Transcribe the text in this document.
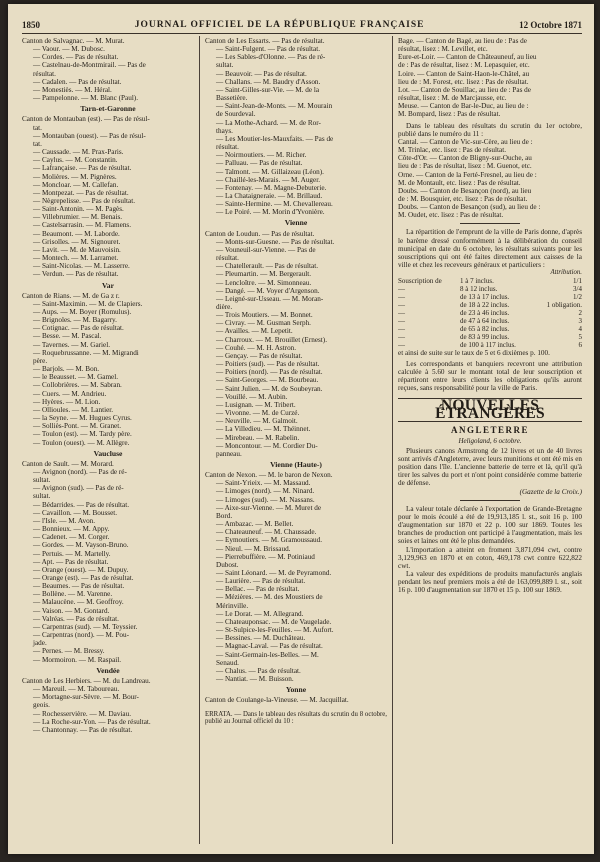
1850	JOURNAL OFFICIEL DE LA RÉPUBLIQUE FRANÇAISE	12 Octobre 1871
Canton de Salvagnac. — M. Murat.
— Vaour. — M. Dubosc.
— Cordes. — Pas de résultat.
— Castelnau-de-Montmirail. — Pas de
résultat.
— Cadalen. — Pas de résultat.
— Monestiès. — M. Héral.
— Pampelonne. — M. Blanc (Paul).
Tarn-et-Garonne
Canton de Montauban (est). — Pas de résul-
tat.
— Montauban (ouest). — Pas de résul-
tat.
— Caussade. — M. Prax-Paris.
— Caylus. — M. Constantin.
— Lafrançaise. — Pas de résultat.
— Molières. — M. Pignères.
— Moncloar. — M. Callefan.
— Montpezat. — Pas de résultat.
— Nègrepelisse. — Pas de résultat.
— Saint-Antonin. — M. Pagès.
— Villebrumier. — M. Benais.
— Castelsarrasin. — M. Flamens.
— Beaumont. — M. Laborde.
— Grisolles. — M. Signouret.
— Lavit. — M. de Mauvoisin.
— Montech. — M. Larramet.
— Saint-Nicolas. — M. Lasserre.
— Verdun. — Pas de résultat.
Var
Canton de Rians. — M. de Ga z r.
— Saint-Maximin. — M. de Clapiers.
— Aups. — M. Boyer (Romulus).
— Brignoles. — M. Bagarry.
— Cotignac. — Pas de résultat.
— Besse. — M. Pascal.
— Tavernes. — M. Gariel.
— Roquebrussanne. — M. Migrandi
père.
— Barjols. — M. Bon.
— le Beausset. — M. Gamel.
— Collobrières. — M. Sabran.
— Cuers. — M. Andrieu.
— Hyères. — M. Lion.
— Ollioules. — M. Lantier.
— la Seyne. — M. Hugues Cyrus.
— Solliès-Pont. — M. Granet.
— Toulon (est). — M. Tardy père.
— Toulon (ouest). — M. Allègre.
Vaucluse
Canton de Sault. — M. Morard.
— Avignon (nord). — Pas de ré-
sultat.
— Avignon (sud). — Pas de ré-
sultat.
— Bédarrides. — Pas de résultat.
— Cavaillon. — M. Bousset.
— l'Isle. — M. Avon.
— Bonnieux. — M. Appy.
— Cadenet. — M. Corger.
— Gordes. — M. Vayson-Bruno.
— Pertuis. — M. Martelly.
— Apt. — Pas de résultat.
— Orange (ouest). — M. Dupuy.
— Orange (est). — Pas de résultat.
— Beaumes. — Pas de résultat.
— Bollène. — M. Varenne.
— Malaucène. — M. Geoffroy.
— Vaison. — M. Gontard.
— Valréas. — Pas de résultat.
— Carpentras (sud). — M. Teyssier.
— Carpentras (nord). — M. Pou-
jade.
— Pernes. — M. Bressy.
— Mormoiron. — M. Raspail.
Vendée
Canton de Les Herbiers. — M. du Landreau.
— Mareuil. — M. Taboureau.
— Mortagne-sur-Sèvre. — M. Bour-
geois.
— Rochesservière. — M. Daviau.
— La Roche-sur-Yon. — Pas de résultat.
— Chantonnay. — Pas de résultat.
Canton de Les Essarts. — Pas de résultat.
— Saint-Fulgent. — Pas de résultat.
— Les Sables-d'Olonne. — Pas de ré-
sultat.
— Beauvoir. — Pas de résultat.
— Challans. — M. Baudry d'Asson.
— Saint-Gilles-sur-Vie. — M. de la
Bassetière.
— Saint-Jean-de-Monts. — M. Mourain
de Sourdeval.
— La Mothe-Achard. — M. de Ror-
thays.
— Les Moutier-les-Mauxfaits. — Pas de
résultat.
— Noirmoutiers. — M. Richer.
— Palluau. — Pas de résultat.
— Talmont. — M. Gillaizeau (Léon).
— Chaillé-les-Marais. — M. Auger.
— Fontenay. — M. Magne-Debuterie.
— La Chataigneraie. — M. Brillaud.
— Sainte-Hermine. — M. Chevallereau.
— Le Poiré. — M. Morin d'Yvonière.
Vienne
Canton de Loudun. — Pas de résultat.
— Monts-sur-Guesne. — Pas de résultat.
— Vouneuil-sur-Vienne. — Pas de
résultat.
— Chatellerault. — Pas de résultat.
— Pleumartin. — M. Bergerault.
— Lencloître. — M. Simonneau.
— Dangé. — M. Voyer d'Argenson.
— Leigné-sur-Usseau. — M. Moran-
dière.
— Trois Moutiers. — M. Bonnet.
— Civray. — M. Gusman Serph.
— Availles. — M. Lepetit.
— Charroux. — M. Brouillet (Ernest).
— Couhé. — M. H. Astron.
— Gençay. — Pas de résultat.
— Poitiers (sud). — Pas de résultat.
— Poitiers (nord). — Pas de résultat.
— Saint-Georges. — M. Bourbeau.
— Saint Julien. — M. de Soubeyran.
— Vouillé. — M. Aubin.
— Lusignan. — M. Tribert.
— Vivonne. — M. de Curzé.
— Neuville. — M. Galmoit.
— La Villedieu. — M. Théinnet.
— Mirebeau. — M. Rabelin.
— Moncontour. — M. Cordier Du-
panneau.
Vienne (Haute-)
Canton de Nexon. — M. le baron de Nexon.
— Saint-Yrieix. — M. Massaud.
— Limoges (nord). — M. Ninard.
— Limoges (sud). — M. Nassans.
— Aixe-sur-Vienne. — M. Muret de
Bord.
— Ambazac. — M. Bellet.
— Chateauneuf. — M. Chaussade.
— Eymoutiers. — M. Gramoussaud.
— Nieul. — M. Brissaud.
— Pierrebuffière. — M. Potiniaud
Dubost.
— Saint Léonard. — M. de Peyramond.
— Laurière. — Pas de résultat.
— Bellac. — Pas de résultat.
— Mézières. — M. des Moustiers de
Mérinville.
— Le Dorat. — M. Allegrand.
— Chateauponsac. — M. de Vaugelade.
— St-Sulpice-les-Feuilles. — M. Aufort.
— Bessines. — M. Duchâteau.
— Magnac-Laval. — Pas de résultat.
— Saint-Germain-les-Belles. — M.
Senaud.
— Chalus. — Pas de résultat.
— Nantiat. — M. Buisson.
Yonne
Canton de Coulange-la-Vineuse. — M. Jacquillat.
ERRATA. — Dans le tableau des résultats du scrutin du 8 octobre, publié au Journal officiel du 10 :
Bage. — Canton de Bagé, au lieu de : Pas de
résultat, lisez : M. Levillet, etc.
Eure-et-Loir. — Canton de Châteauneuf, au lieu
de : Pas de résultat, lisez : M. Lepasquier, etc.
Loire. — Canton de Saint-Haon-le-Châtel, au
lieu de : M. Forest, etc. lisez : Pas de résultat.
Lot. — Canton de Souillac, au lieu de : Pas de
résultat, lisez : M. de Marcjausse, etc.
Meuse. — Canton de Bar-le-Duc, au lieu de :
M. Bompard, lisez : Pas de résultat.
Dans le tableau des résultats du scrutin du 1er octobre, publié dans le numéro du 11 :
Cantal. — Canton de Vic-sur-Cère, au lieu de :
M. Trinlac, etc. lisez : Pas de résultat.
Côte-d'Or. — Canton de Bligny-sur-Ouche, au
lieu de : Pas de résultat, lisez : M. Guenot, etc.
Orne. — Canton de la Ferté-Fresnel, au lieu de :
M. de Montault, etc. lisez : Pas de résultat.
Doubs. — Canton de Besançon (nord), au lieu
de : M. Bousquier, etc. lisez : Pas de résultat.
Doubs. — Canton de Besançon (sud), au lieu de :
M. Oudet, etc. lisez : Pas de résultat.
La répartition de l'emprunt de la ville de Paris donne, d'après le barème dressé conformément à la délibération du conseil municipal en date du 6 octobre, les résultats suivants pour les souscriptions qui ont été faites directement aux caisses de la ville et chez les receveurs généraux et particuliers :
Attribution.
Souscription de	1 à 7 inclus.	1/1
—	8 à 12 inclus.	3/4
—	de 13 à 17 inclus.	1/2
—	de 18 à 22 inclus.	1 obligation.
—	de 23 à 46 inclus.	2
—	de 47 à 64 inclus.	3
—	de 65 à 82 inclus.	4
—	de 83 à 99 inclus.	5
—	de 100 à 117 inclus.	6
et ainsi de suite sur le taux de 5 et 6 dixièmes p. 100.
Les correspondants et banquiers recevront une attribution calculée à 5.60 sur le montant total de leur souscription et répartiront entre leurs clients les obligations qu'ils auront reçues, sans responsabilité pour la ville de Paris.
NOUVELLES ÉTRANGÈRES
ANGLETERRE
Heligoland, 6 octobre.
Plusieurs canons Armstrong de 12 livres et un de 40 livres sont arrivés d'Angleterre, avec leurs munitions et ont été mis en position dans l'île. L'ancienne batterie de terre et là, qu'il qu'à tirer les salves du port et n'ont point considérée comme batterie de défense.
(Gazette de la Croix.)
La valeur totale déclarée à l'exportation de Grande-Bretagne pour le mois écoulé a été de 19,913,185 l. st., soit 16 p. 100 d'augmentation sur 1870 et 22 p. 100 sur 1869. Toutes les branches de production ont participé à l'augmentation, mais les soies et laines ont été le plus demandées.
L'importation a atteint en froment 3,871,094 cwt, contre 3,129,963 en 1870 et en coton, 469,178 cwt contre 622,822 cwt.
La valeur des expéditions de produits manufacturés anglais pendant les neuf premiers mois a été de 163,099,889 l. st., soit 16 p. 100 d'augmentation sur 1870 et 15 p. 100 sur 1869.
